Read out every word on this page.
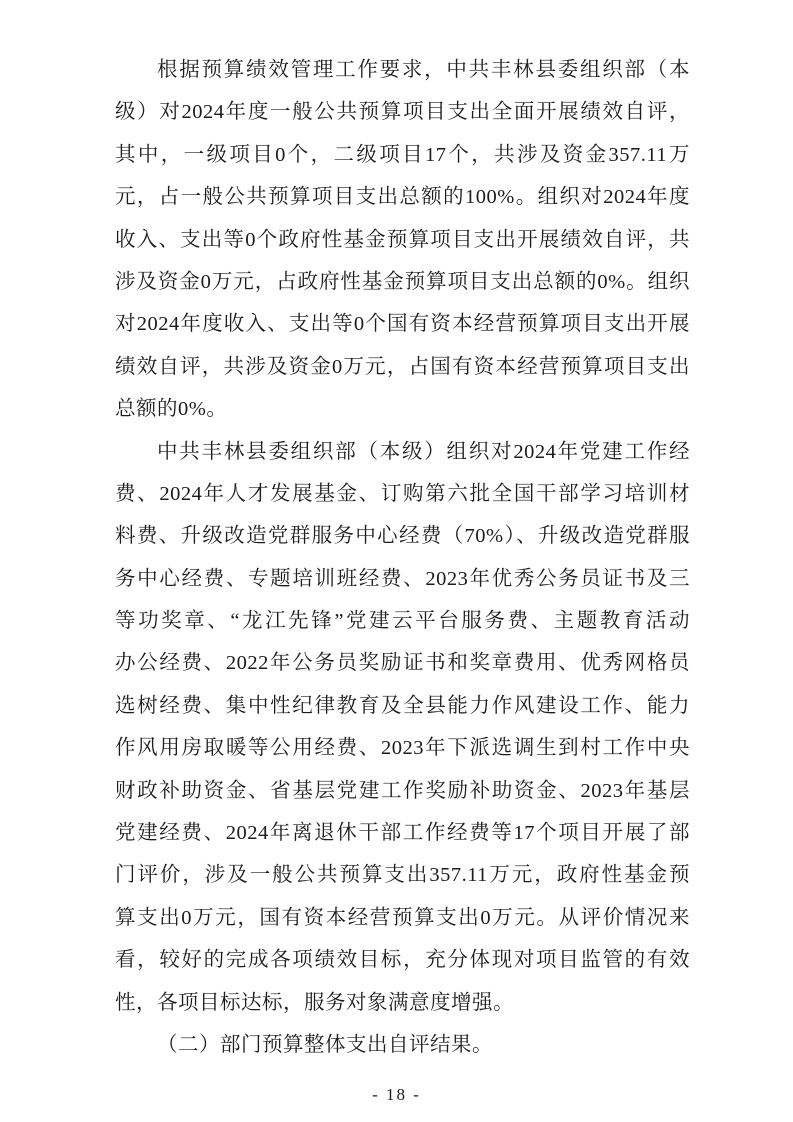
根据预算绩效管理工作要求，中共丰林县委组织部（本
级）对2024年度一般公共预算项目支出全面开展绩效自评，
其中，一级项目0个，二级项目17个，共涉及资金357.11万
元，占一般公共预算项目支出总额的100%。组织对2024年度
收入、支出等0个政府性基金预算项目支出开展绩效自评，共
涉及资金0万元，占政府性基金预算项目支出总额的0%。组织
对2024年度收入、支出等0个国有资本经营预算项目支出开展
绩效自评，共涉及资金0万元，占国有资本经营预算项目支出
总额的0%。
中共丰林县委组织部（本级）组织对2024年党建工作经
费、2024年人才发展基金、订购第六批全国干部学习培训材
料费、升级改造党群服务中心经费（70%）、升级改造党群服
务中心经费、专题培训班经费、2023年优秀公务员证书及三
等功奖章、“龙江先锋”党建云平台服务费、主题教育活动
办公经费、2022年公务员奖励证书和奖章费用、优秀网格员
选树经费、集中性纪律教育及全县能力作风建设工作、能力
作风用房取暖等公用经费、2023年下派选调生到村工作中央
财政补助资金、省基层党建工作奖励补助资金、2023年基层
党建经费、2024年离退休干部工作经费等17个项目开展了部
门评价，涉及一般公共预算支出357.11万元，政府性基金预
算支出0万元，国有资本经营预算支出0万元。从评价情况来
看，较好的完成各项绩效目标，充分体现对项目监管的有效
性，各项目标达标，服务对象满意度增强。
（二）部门预算整体支出自评结果。
- 18 -
